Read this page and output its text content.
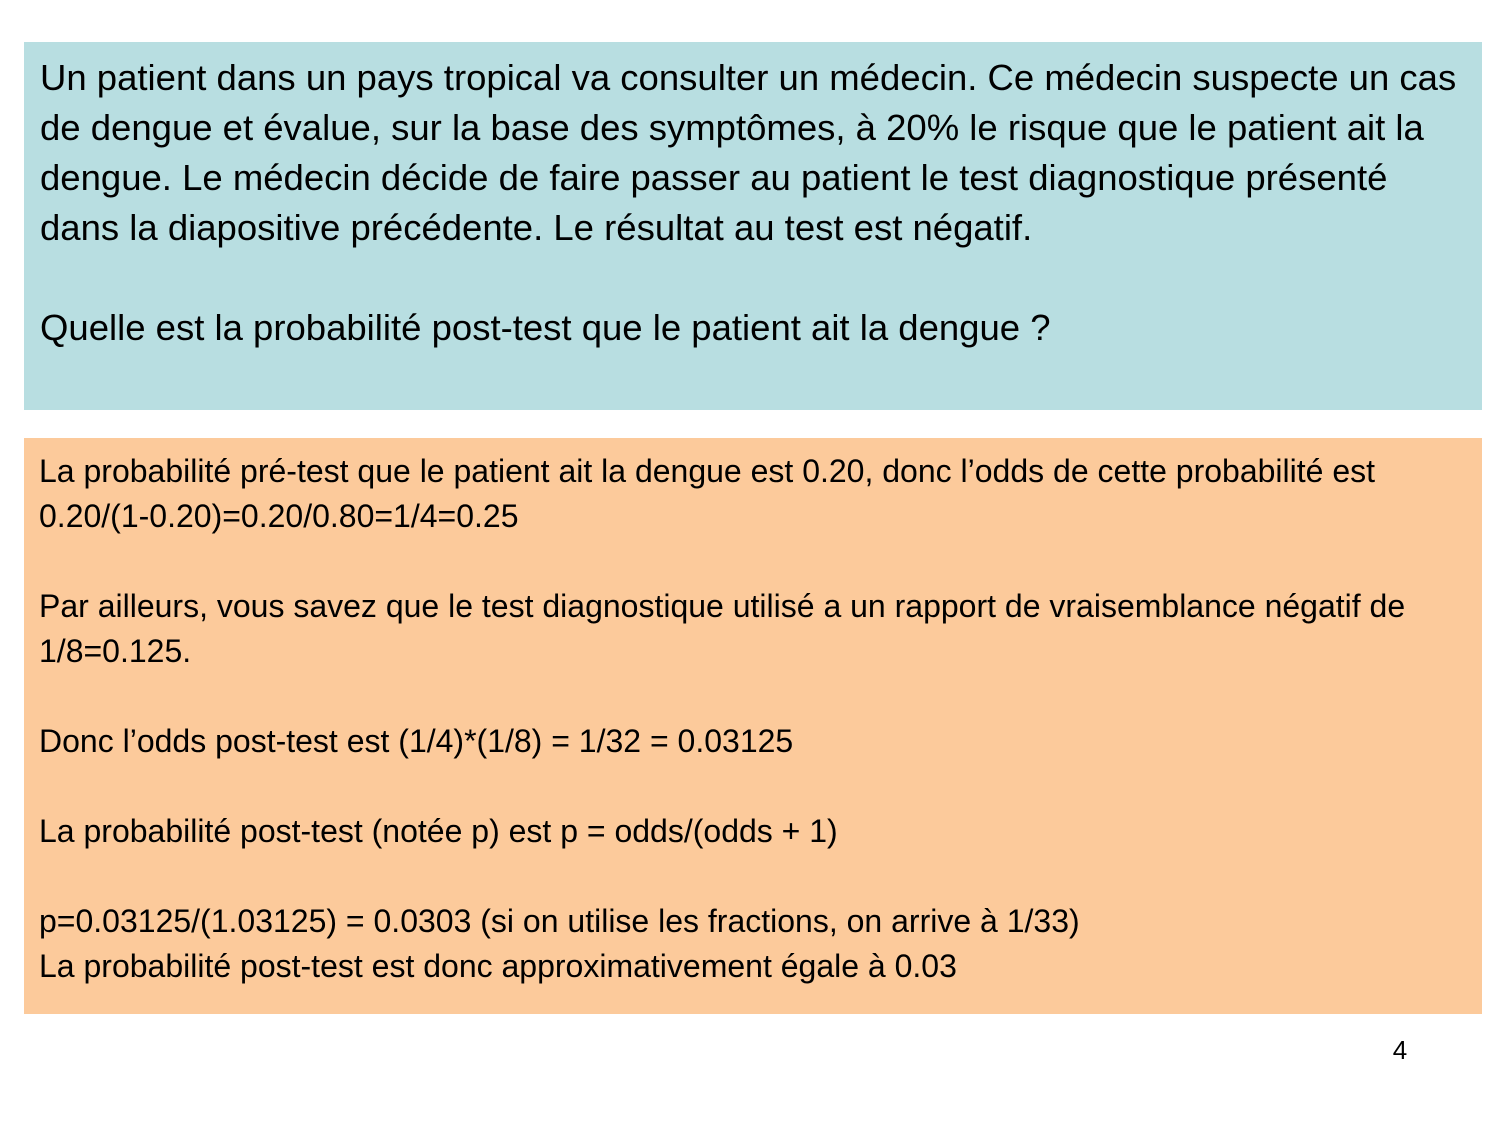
Un patient dans un pays tropical va consulter un médecin. Ce médecin suspecte un cas de dengue et évalue, sur la base des symptômes, à 20% le risque que le patient ait la dengue. Le médecin décide de faire passer au patient le test diagnostique présenté dans la diapositive précédente. Le résultat au test est négatif.

Quelle est la probabilité post-test que le patient ait la dengue ?

La probabilité pré-test que le patient ait la dengue est 0.20, donc l’odds de cette probabilité est 0.20/(1-0.20)=0.20/0.80=1/4=0.25

Par ailleurs, vous savez que le test diagnostique utilisé a un rapport de vraisemblance négatif de 1/8=0.125.

Donc l’odds post-test est (1/4)*(1/8) = 1/32 = 0.03125

La probabilité post-test (notée p) est p = odds/(odds + 1)

p=0.03125/(1.03125) = 0.0303 (si on utilise les fractions, on arrive à 1/33)

La probabilité post-test est donc approximativement égale à 0.03

4
